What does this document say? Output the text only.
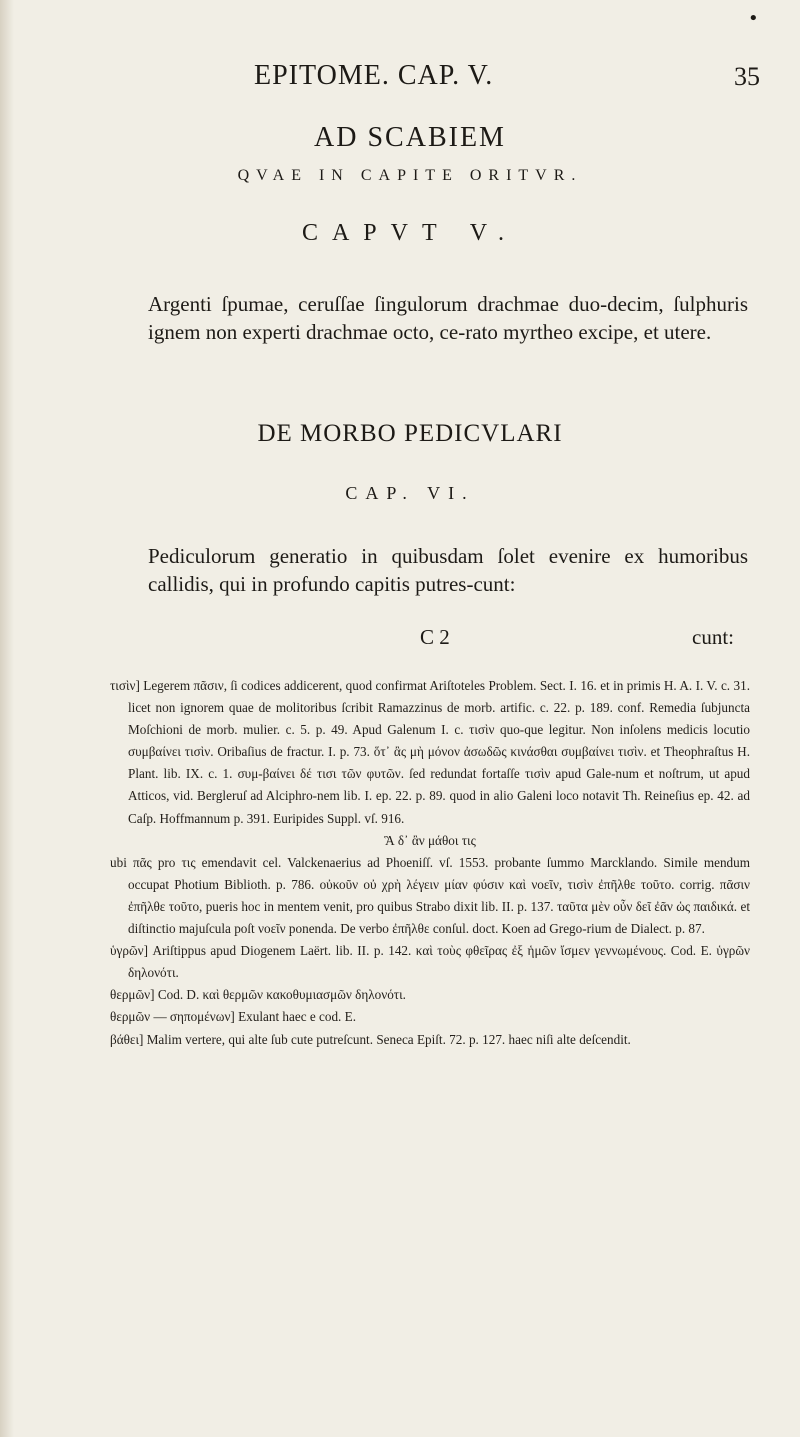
•
EPITOME. CAP. V.	35
AD SCABIEM
QVAE IN CAPITE ORITVR.
CAPVT V.
Argenti ſpumae, ceruſſae ſingulorum drachmae duo-decim, ſulphuris ignem non experti drachmae octo, ce-rato myrtheo excipe, et utere.
DE MORBO PEDICVLARI
CAP. VI.
Pediculorum generatio in quibusdam ſolet evenire ex humoribus callidis, qui in profundo capitis putres-cunt:
C 2	cunt:

τισὶν] Legerem πᾶσιν, ſi codices addicerent, quod confirmat Ariſtoteles Problem. Sect. I. 16. et in primis H. A. I. V. c. 31. licet non ignorem quae de molitoribus ſcribit Ramazzinus de morb. artific. c. 22. p. 189. conf. Remedia ſubjuncta Moſchioni de morb. mulier. c. 5. p. 49. Apud Galenum I. c. τισὶν quo-que legitur. Non inſolens medicis locutio συμβαίνει τισὶν. Oribaſius de fractur. I. p. 73. ὅτ᾽ ἂς μὴ μόνον ἀσωδῶς κινάσθαι συμβαίνει τισὶν. et Theophraſtus H. Plant. lib. IX. c. 1. συμ-βαίνει δέ τισι τῶν φυτῶν. ſed redundat fortaſſe τισὶν apud Gale-num et noſtrum, ut apud Atticos, vid. Bergleruſ ad Alciphro-nem lib. I. ep. 22. p. 89. quod in alio Galeni loco notavit Th. Reineſius ep. 42. ad Caſp. Hoffmannum p. 391. Euripides Suppl. vſ. 916.

Ἃ δ᾽ ἂν μάθοι τις

ubi πᾶς pro τις emendavit cel. Valckenaerius ad Phoeniſſ. vſ. 1553. probante ſummo Marcklando. Simile mendum occupat Photium Biblioth. p. 786. οὐκοῦν οὐ χρὴ λέγειν μίαν φύσιν καὶ νοεῖν, τισὶν ἐπῆλθε τοῦτο. corrig. πᾶσιν ἐπῆλθε τοῦτο, pueris hoc in mentem venit, pro quibus Strabo dixit lib. II. p. 137. ταῦτα μὲν οὖν δεῖ ἐᾶν ὡς παιδικά. et diſtinctio majuſcula poſt νοεῖν ponenda. De verbo ἐπῆλθε conſul. doct. Koen ad Grego-rium de Dialect. p. 87.

ὑγρῶν] Ariſtippus apud Diogenem Laërt. lib. II. p. 142. καὶ τοὺς φθεῖρας ἐξ ἡμῶν ἴσμεν γεννωμένους. Cod. E. ὑγρῶν δηλονότι.

θερμῶν] Cod. D. καὶ θερμῶν κακοθυμιασμῶν δηλονότι.

θερμῶν — σηπομένων] Exulant haec e cod. E.

βάθει] Malim vertere, qui alte ſub cute putreſcunt. Seneca Epiſt. 72. p. 127. haec niſi alte deſcendit.
